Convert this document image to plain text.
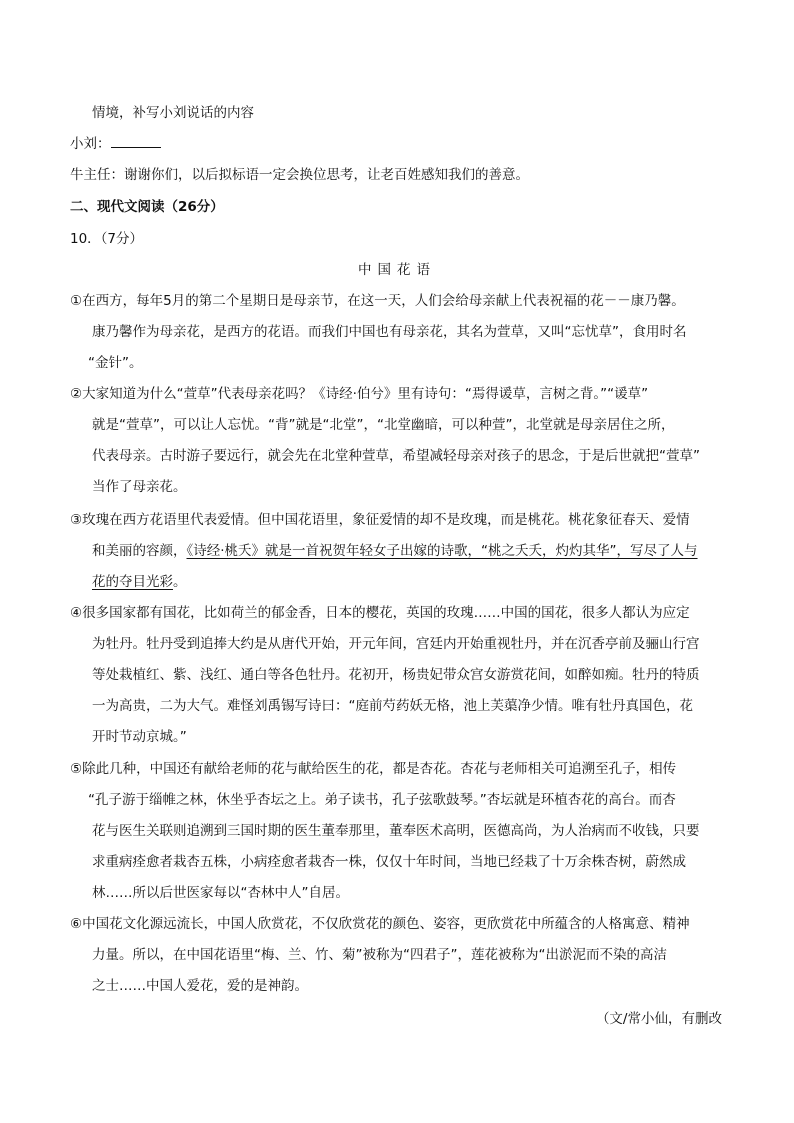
情境，补写小刘说话的内容

小刘：

牛主任：谢谢你们，以后拟标语一定会换位思考，让老百姓感知我们的善意。

二、现代文阅读（26分）

10．（7分）

中国花语

①在西方，每年5月的第二个星期日是母亲节，在这一天，人们会给母亲献上代表祝福的花－－康乃馨。

康乃馨作为母亲花，是西方的花语。而我们中国也有母亲花，其名为萱草，又叫“忘忧草”，食用时名

“金针”。

②大家知道为什么“萱草”代表母亲花吗？《诗经·伯兮》里有诗句：“焉得谖草，言树之背。”“谖草”

就是“萱草”，可以让人忘忧。“背”就是“北堂”，“北堂幽暗，可以种萱”，北堂就是母亲居住之所，

代表母亲。古时游子要远行，就会先在北堂种萱草，希望减轻母亲对孩子的思念，于是后世就把“萱草”

当作了母亲花。

③玫瑰在西方花语里代表爱情。但中国花语里，象征爱情的却不是玫瑰，而是桃花。桃花象征春天、爱情

和美丽的容颜，《诗经·桃夭》就是一首祝贺年轻女子出嫁的诗歌，“桃之夭夭，灼灼其华”，写尽了人与

花的夺目光彩。

④很多国家都有国花，比如荷兰的郁金香，日本的樱花，英国的玫瑰……中国的国花，很多人都认为应定

为牡丹。牡丹受到追捧大约是从唐代开始，开元年间，宫廷内开始重视牡丹，并在沉香亭前及骊山行宫

等处栽植红、紫、浅红、通白等各色牡丹。花初开，杨贵妃带众宫女游赏花间，如醉如痴。牡丹的特质

一为高贵，二为大气。难怪刘禹锡写诗曰：“庭前芍药妖无格，池上芙蕖净少情。唯有牡丹真国色，花

开时节动京城。”

⑤除此几种，中国还有献给老师的花与献给医生的花，都是杏花。杏花与老师相关可追溯至孔子，相传

“孔子游于缁帷之林，休坐乎杏坛之上。弟子读书，孔子弦歌鼓琴。”杏坛就是环植杏花的高台。而杏

花与医生关联则追溯到三国时期的医生董奉那里，董奉医术高明，医德高尚，为人治病而不收钱，只要

求重病痊愈者栽杏五株，小病痊愈者栽杏一株，仅仅十年时间，当地已经栽了十万余株杏树，蔚然成

林……所以后世医家每以“杏林中人”自居。

⑥中国花文化源远流长，中国人欣赏花，不仅欣赏花的颜色、姿容，更欣赏花中所蕴含的人格寓意、精神

力量。所以，在中国花语里“梅、兰、竹、菊”被称为“四君子”，莲花被称为“出淤泥而不染的高洁

之士……中国人爱花，爱的是神韵。

（文/常小仙，有删改
